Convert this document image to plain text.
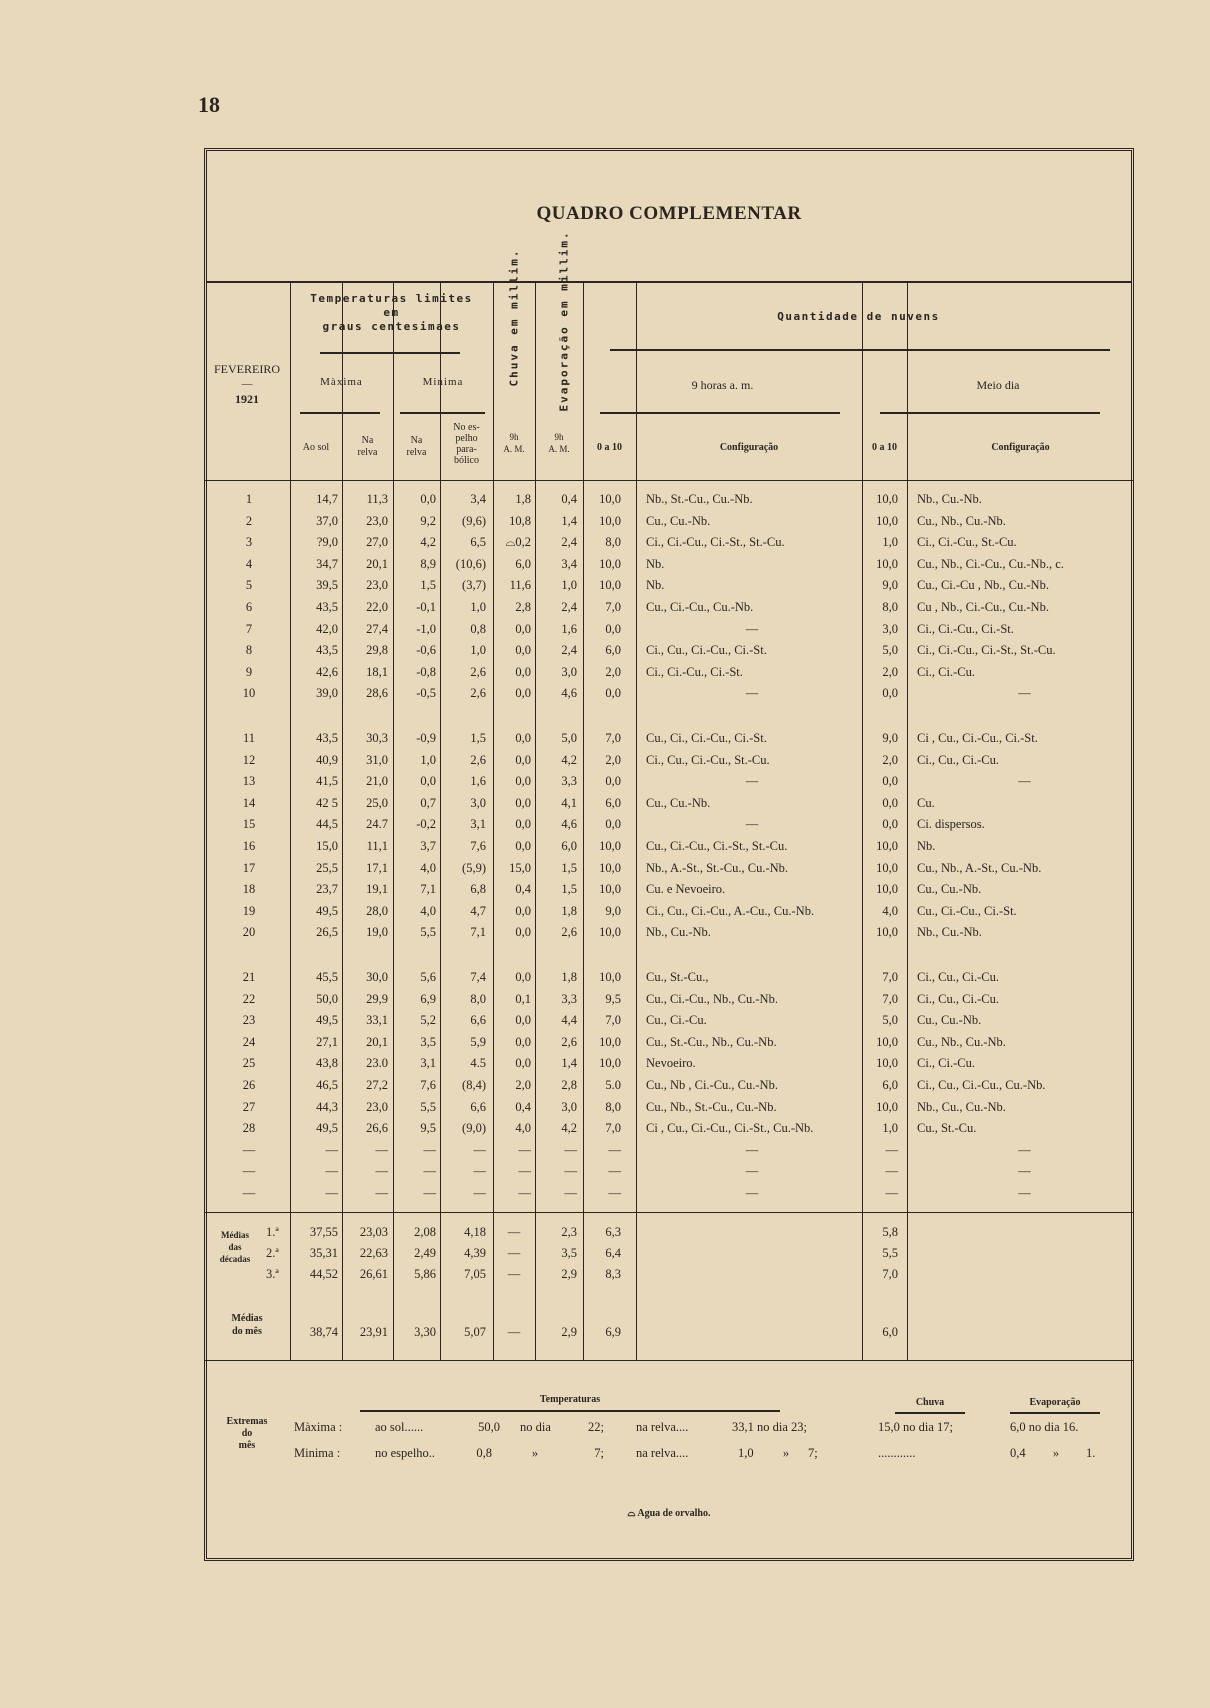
18
QUADRO COMPLEMENTAR
FEVEREIRO
—
1921
Temperaturas limites
em
graus centesimaes
Màxima	Minima
Ao sol
Na
relva
Na
relva
No es-
pelho
para-
bólico
Chuva em millim.	Evaporação em millim.
9h	9h
A. M.	A. M.
Quantidade de nuvens
9 horas a. m.	Meio dia
0 a 10	Configuração	0 a 10	Configuração
1	14,7	11,3	0,0	3,4	1,8	0,4	10,0 Nb., St.-Cu., Cu.-Nb.	10,0 Nb., Cu.-Nb.
2	37,0	23,0	9,2	(9,6)	10,8	1,4	10,0 Cu., Cu.-Nb.	10,0 Cu., Nb., Cu.-Nb.
3	?9,0	27,0	4,2	6,5	⌓0,2	2,4	8,0 Ci., Ci.-Cu., Ci.-St., St.-Cu.	1,0 Ci., Ci.-Cu., St.-Cu.
4	34,7	20,1	8,9	(10,6)	6,0	3,4	10,0 Nb.	10,0 Cu., Nb., Ci.-Cu., Cu.-Nb., c.
5	39,5	23,0	1,5	(3,7)	11,6	1,0	10,0 Nb.	9,0 Cu., Ci.-Cu , Nb., Cu.-Nb.
6	43,5	22,0	-0,1	1,0	2,8	2,4	7,0 Cu., Ci.-Cu., Cu.-Nb.	8,0 Cu , Nb., Ci.-Cu., Cu.-Nb.
7	42,0	27,4	-1,0	0,8	0,0	1,6	0,0	—	3,0 Ci., Ci.-Cu., Ci.-St.
8	43,5	29,8	-0,6	1,0	0,0	2,4	6,0 Ci., Cu., Ci.-Cu., Ci.-St.	5,0 Ci., Ci.-Cu., Ci.-St., St.-Cu.
9	42,6	18,1	-0,8	2,6	0,0	3,0	2,0 Ci., Ci.-Cu., Ci.-St.	2,0 Ci., Ci.-Cu.
10	39,0	28,6	-0,5	2,6	0,0	4,6	0,0	—	0,0	—
11	43,5	30,3	-0,9	1,5	0,0	5,0	7,0 Cu., Ci., Ci.-Cu., Ci.-St.	9,0 Ci , Cu., Ci.-Cu., Ci.-St.
12	40,9	31,0	1,0	2,6	0,0	4,2	2,0 Ci., Cu., Ci.-Cu., St.-Cu.	2,0 Ci., Cu., Ci.-Cu.
13	41,5	21,0	0,0	1,6	0,0	3,3	0,0	—	0,0	—
14	42 5	25,0	0,7	3,0	0,0	4,1	6,0 Cu., Cu.-Nb.	0,0 Cu.
15	44,5	24.7	-0,2	3,1	0,0	4,6	0,0	—	0,0 Ci. dispersos.
16	15,0	11,1	3,7	7,6	0,0	6,0	10,0 Cu., Ci.-Cu., Ci.-St., St.-Cu.	10,0 Nb.
17	25,5	17,1	4,0	(5,9)	15,0	1,5	10,0 Nb., A.-St., St.-Cu., Cu.-Nb.	10,0 Cu., Nb., A.-St., Cu.-Nb.
18	23,7	19,1	7,1	6,8	0,4	1,5	10,0 Cu. e Nevoeiro.	10,0 Cu., Cu.-Nb.
19	49,5	28,0	4,0	4,7	0,0	1,8	9,0 Ci., Cu., Ci.-Cu., A.-Cu., Cu.-Nb.	4,0 Cu., Ci.-Cu., Ci.-St.
20	26,5	19,0	5,5	7,1	0,0	2,6	10,0 Nb., Cu.-Nb.	10,0 Nb., Cu.-Nb.
21	45,5	30,0	5,6	7,4	0,0	1,8	10,0 Cu., St.-Cu.,	7,0 Ci., Cu., Ci.-Cu.
22	50,0	29,9	6,9	8,0	0,1	3,3	9,5 Cu., Ci.-Cu., Nb., Cu.-Nb.	7,0 Ci., Cu., Ci.-Cu.
23	49,5	33,1	5,2	6,6	0,0	4,4	7,0 Cu., Ci.-Cu.	5,0 Cu., Cu.-Nb.
24	27,1	20,1	3,5	5,9	0,0	2,6	10,0 Cu., St.-Cu., Nb., Cu.-Nb.	10,0 Cu., Nb., Cu.-Nb.
25	43,8	23.0	3,1	4.5	0,0	1,4	10,0 Nevoeiro.	10,0 Ci., Ci.-Cu.
26	46,5	27,2	7,6	(8,4)	2,0	2,8	5.0 Cu., Nb , Ci.-Cu., Cu.-Nb.	6,0 Ci., Cu., Ci.-Cu., Cu.-Nb.
27	44,3	23,0	5,5	6,6	0,4	3,0	8,0 Cu., Nb., St.-Cu., Cu.-Nb.	10,0 Nb., Cu., Cu.-Nb.
28	49,5	26,6	9,5	(9,0)	4,0	4,2	7,0 Ci , Cu., Ci.-Cu., Ci.-St., Cu.-Nb.	1,0 Cu., St.-Cu.
—	—	—	—	—	—	—	—	—	—	—
—	—	—	—	—	—	—	—	—	—	—
—	—	—	—	—	—	—	—	—	—	—
Médias
das
décadas
1.ª	37,55	23,03	2,08	4,18	—	2,3	6,3	5,8
2.ª	35,31	22,63	2,49	4,39	—	3,5	6,4	5,5
3.ª	44,52	26,61	5,86	7,05	—	2,9	8,3	7,0
Médias
do mês	38,74	23,91	3,30	5,07	—	2,9	6,9	6,0
Extremas
do
mês
Temperaturas	Chuva	Evaporação
Màxima :	ao sol......	50,0 no dia	22;	na relva....	33,1 no dia 23;	15,0 no dia 17;	6,0 no dia 16.
Minima :	no espelho..	0,8	»	7;	na relva....	1,0	»	7;	............	0,4	»	1.
⌓ Agua de orvalho.
